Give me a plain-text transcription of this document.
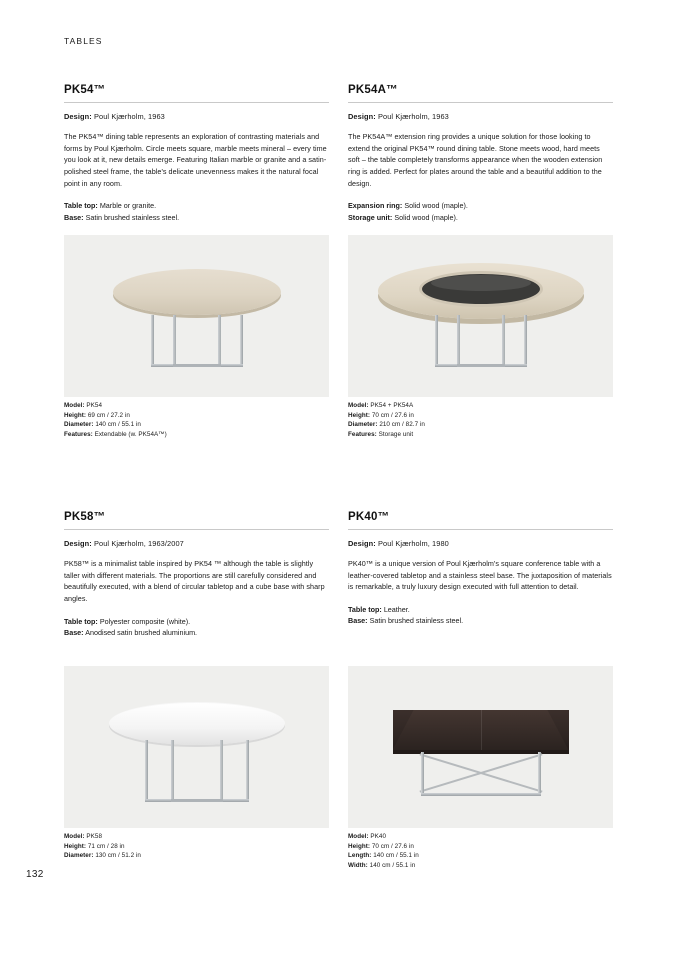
TABLES
PK54™
Design: Poul Kjærholm, 1963
The PK54™ dining table represents an exploration of contrasting materials and forms by Poul Kjærholm. Circle meets square, marble meets mineral – every time you look at it, new details emerge. Featuring Italian marble or granite and a satin-polished steel frame, the table's delicate unevenness makes it the natural focal point in any room.
Table top: Marble or granite.
Base: Satin brushed stainless steel.
Model: PK54
Height: 69 cm / 27.2 in
Diameter: 140 cm / 55.1 in
Features: Extendable (w. PK54A™)
PK54A™
Design: Poul Kjærholm, 1963
The PK54A™ extension ring provides a unique solution for those looking to extend the original PK54™ round dining table. Stone meets wood, hard meets soft – the table completely transforms appearance when the wooden extension ring is added. Perfect for plates around the table and a beautiful addition to the design.
Expansion ring: Solid wood (maple).
Storage unit: Solid wood (maple).
Model: PK54 + PK54A
Height: 70 cm / 27.6 in
Diameter: 210 cm / 82.7 in
Features: Storage unit
PK58™
Design: Poul Kjærholm, 1963/2007
PK58™ is a minimalist table inspired by PK54 ™ although the table is slightly taller with different materials. The proportions are still carefully considered and beautifully executed, with a blend of circular tabletop and a cube base with sharp angles.
Table top: Polyester composite (white).
Base: Anodised satin brushed aluminium.
Model: PK58
Height: 71 cm / 28 in
Diameter: 130 cm / 51.2 in
PK40™
Design: Poul Kjærholm, 1980
PK40™ is a unique version of Poul Kjærholm's square conference table with a leather-covered tabletop and a stainless steel base. The juxtaposition of materials is remarkable, a truly luxury design executed with full attention to detail.
Table top: Leather.
Base: Satin brushed stainless steel.
Model: PK40
Height: 70 cm / 27.6 in
Length: 140 cm / 55.1 in
Width: 140 cm / 55.1 in
132
